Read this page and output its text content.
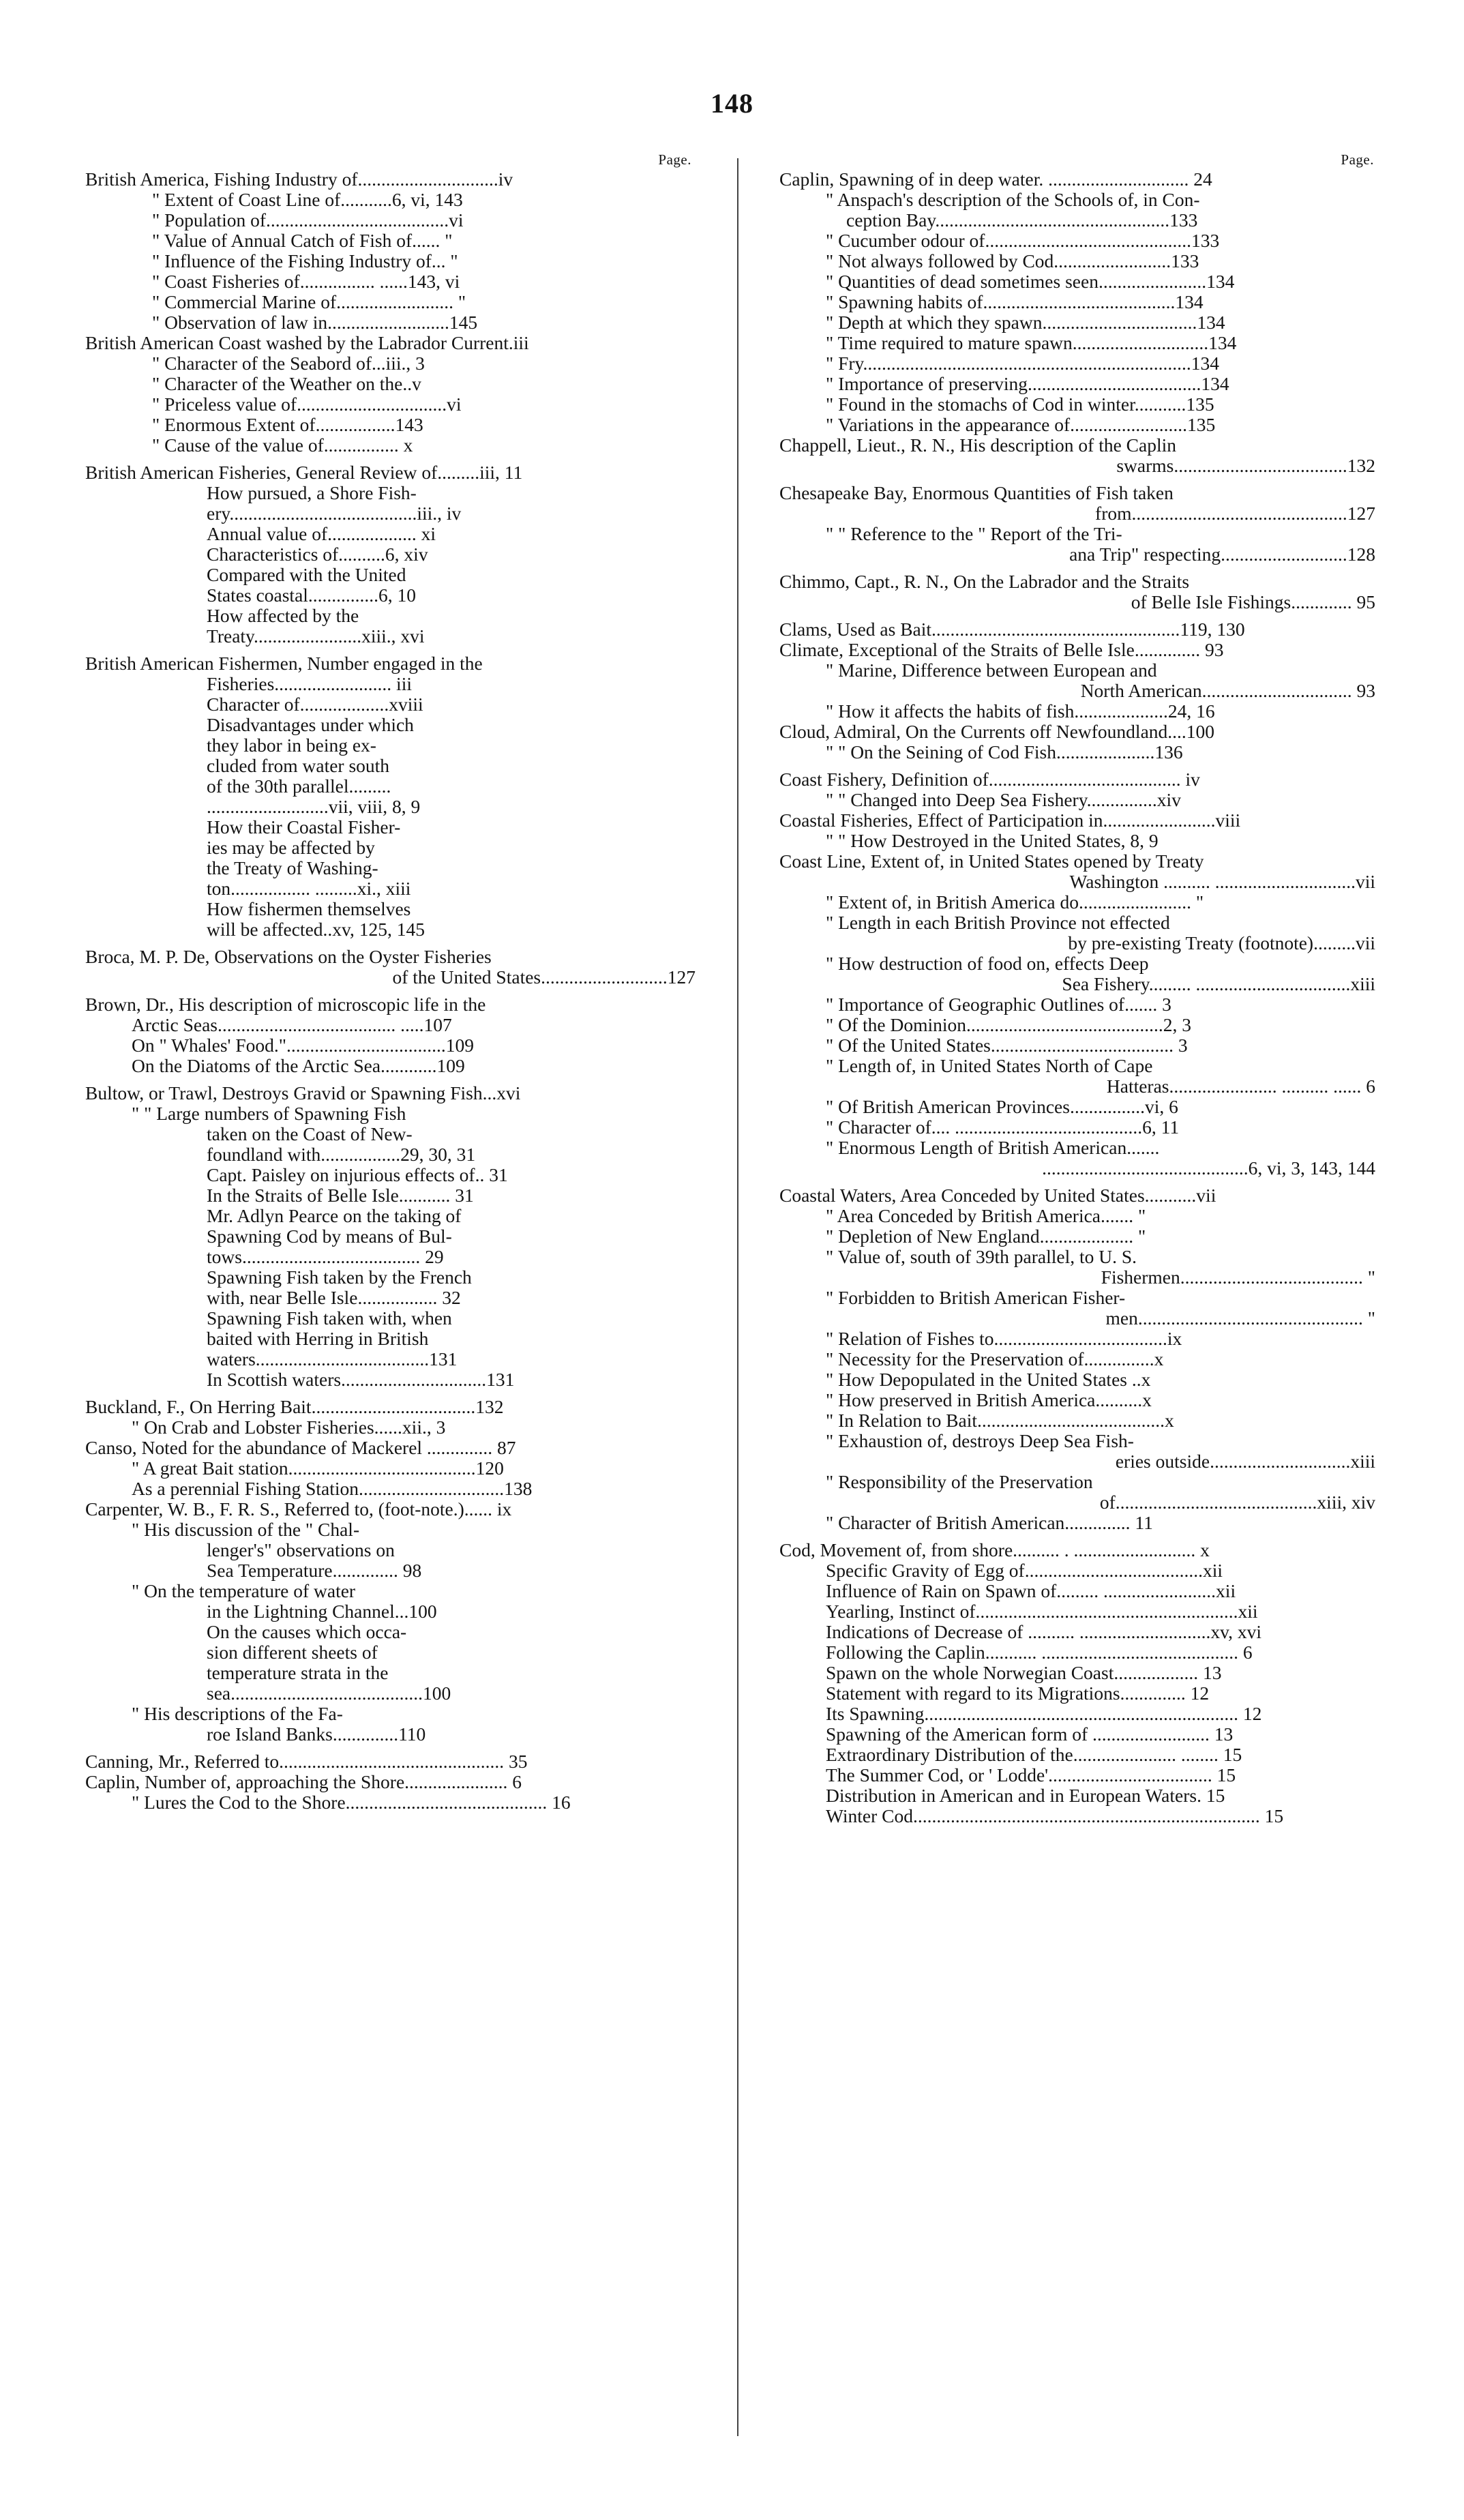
148
Page.
British America, Fishing Industry of..............................iv
" Extent of Coast Line of...........6, vi, 143
" Population of.......................................vi
" Value of Annual Catch of Fish of...... "
" Influence of the Fishing Industry of... "
" Coast Fisheries of................ ......143, vi
" Commercial Marine of......................... "
" Observation of law in..........................145
British American Coast washed by the Labrador Current.iii
" Character of the Seabord of...iii., 3
" Character of the Weather on the..v
" Priceless value of................................vi
" Enormous Extent of.................143
" Cause of the value of................ x
British American Fisheries, General Review of.........iii, 11
How pursued, a Shore Fish-
ery........................................iii., iv
Annual value of................... xi
Characteristics of..........6, xiv
Compared with the United
States coastal...............6, 10
How affected by the
Treaty.......................xiii., xvi
British American Fishermen, Number engaged in the
Fisheries......................... iii
Character of...................xviii
Disadvantages under which
they labor in being ex-
cluded from water south
of the 30th parallel.........
..........................vii, viii, 8, 9
How their Coastal Fisher-
ies may be affected by
the Treaty of Washing-
ton................. .........xi., xiii
How fishermen themselves
will be affected..xv, 125, 145
Broca, M. P. De, Observations on the Oyster Fisheries
of the United States...........................127
Brown, Dr., His description of microscopic life in the
Arctic Seas...................................... .....107
On " Whales' Food."..................................109
On the Diatoms of the Arctic Sea............109
Bultow, or Trawl, Destroys Gravid or Spawning Fish...xvi
" " Large numbers of Spawning Fish
taken on the Coast of New-
foundland with.................29, 30, 31
Capt. Paisley on injurious effects of.. 31
In the Straits of Belle Isle........... 31
Mr. Adlyn Pearce on the taking of
Spawning Cod by means of Bul-
tows...................................... 29
Spawning Fish taken by the French
with, near Belle Isle................. 32
Spawning Fish taken with, when
baited with Herring in British
waters.....................................131
In Scottish waters...............................131
Buckland, F., On Herring Bait...................................132
" On Crab and Lobster Fisheries......xii., 3
Canso, Noted for the abundance of Mackerel .............. 87
" A great Bait station........................................120
As a perennial Fishing Station...............................138
Carpenter, W. B., F. R. S., Referred to, (foot-note.)...... ix
" His discussion of the " Chal-
lenger's" observations on
Sea Temperature.............. 98
" On the temperature of water
in the Lightning Channel...100
On the causes which occa-
sion different sheets of
temperature strata in the
sea.........................................100
" His descriptions of the Fa-
roe Island Banks..............110
Canning, Mr., Referred to................................................ 35
Caplin, Number of, approaching the Shore...................... 6
" Lures the Cod to the Shore........................................... 16
Page.
Caplin, Spawning of in deep water. .............................. 24
" Anspach's description of the Schools of, in Con-
ception Bay..................................................133
" Cucumber odour of............................................133
" Not always followed by Cod.........................133
" Quantities of dead sometimes seen.......................134
" Spawning habits of.........................................134
" Depth at which they spawn.................................134
" Time required to mature spawn.............................134
" Fry......................................................................134
" Importance of preserving.....................................134
" Found in the stomachs of Cod in winter...........135
" Variations in the appearance of.........................135
Chappell, Lieut., R. N., His description of the Caplin
swarms.....................................132
Chesapeake Bay, Enormous Quantities of Fish taken
from..............................................127
" " Reference to the " Report of the Tri-
ana Trip" respecting...........................128
Chimmo, Capt., R. N., On the Labrador and the Straits
of Belle Isle Fishings............. 95
Clams, Used as Bait.....................................................119, 130
Climate, Exceptional of the Straits of Belle Isle.............. 93
" Marine, Difference between European and
North American................................ 93
" How it affects the habits of fish....................24, 16
Cloud, Admiral, On the Currents off Newfoundland....100
" " On the Seining of Cod Fish.....................136
Coast Fishery, Definition of......................................... iv
" " Changed into Deep Sea Fishery...............xiv
Coastal Fisheries, Effect of Participation in........................viii
" " How Destroyed in the United States, 8, 9
Coast Line, Extent of, in United States opened by Treaty
Washington .......... ..............................vii
" Extent of, in British America do........................ "
" Length in each British Province not effected
by pre-existing Treaty (footnote).........vii
" How destruction of food on, effects Deep
Sea Fishery......... .................................xiii
" Importance of Geographic Outlines of....... 3
" Of the Dominion..........................................2, 3
" Of the United States....................................... 3
" Length of, in United States North of Cape
Hatteras....................... .......... ...... 6
" Of British American Provinces................vi, 6
" Character of.... ........................................6, 11
" Enormous Length of British American.......
............................................6, vi, 3, 143, 144
Coastal Waters, Area Conceded by United States...........vii
" Area Conceded by British America....... "
" Depletion of New England.................... "
" Value of, south of 39th parallel, to U. S.
Fishermen....................................... "
" Forbidden to British American Fisher-
men................................................ "
" Relation of Fishes to.....................................ix
" Necessity for the Preservation of...............x
" How Depopulated in the United States ..x
" How preserved in British America..........x
" In Relation to Bait........................................x
" Exhaustion of, destroys Deep Sea Fish-
eries outside..............................xiii
" Responsibility of the Preservation
of...........................................xiii, xiv
" Character of British American.............. 11
Cod, Movement of, from shore.......... . .......................... x
Specific Gravity of Egg of......................................xii
Influence of Rain on Spawn of......... ........................xii
Yearling, Instinct of........................................................xii
Indications of Decrease of .......... ............................xv, xvi
Following the Caplin........... .......................................... 6
Spawn on the whole Norwegian Coast.................. 13
Statement with regard to its Migrations.............. 12
Its Spawning................................................................... 12
Spawning of the American form of ......................... 13
Extraordinary Distribution of the...................... ........ 15
The Summer Cod, or ' Lodde'................................... 15
Distribution in American and in European Waters. 15
Winter Cod.......................................................................... 15
